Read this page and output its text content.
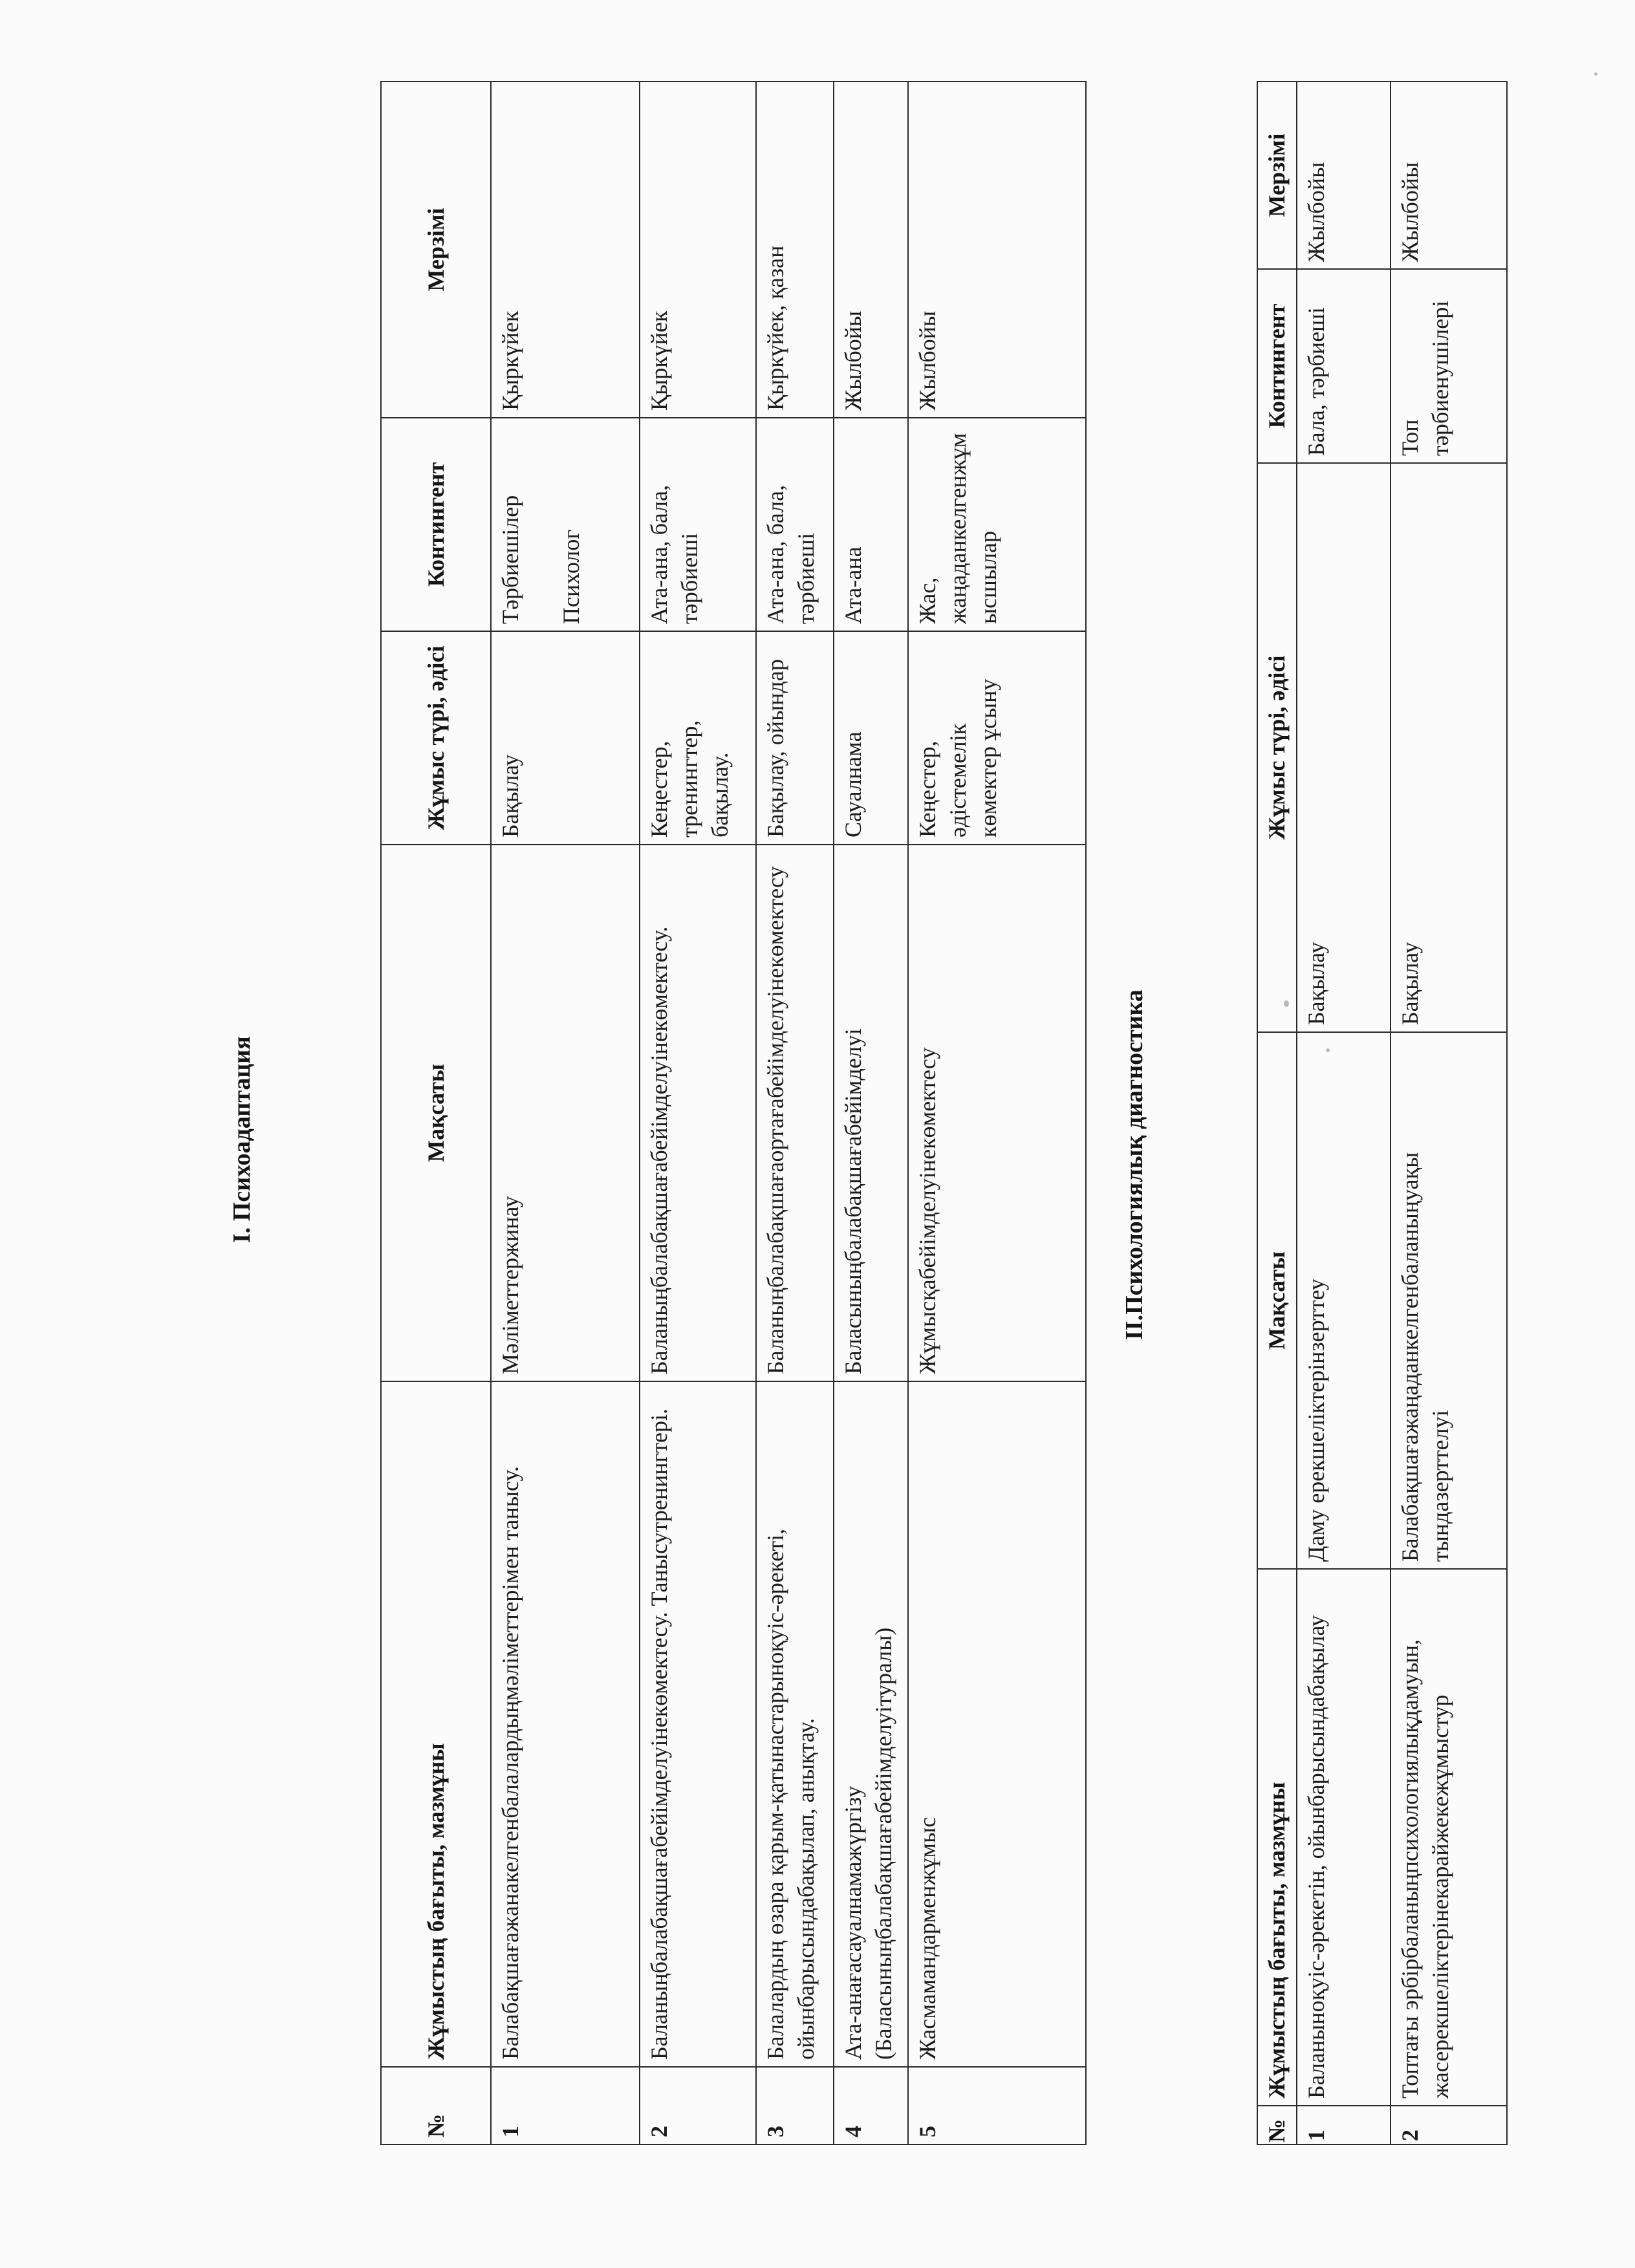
I. Психоадаптация
№	Жұмыстың бағыты, мазмұны	Мақсаты	Жұмыс түрі, әдісі	Контингент	Мерзімі
1	Балабақшағажанакелгенбалалардыңмәліметтерімен танысу.	Мәліметтержинау	Бақылау	Тәрбиешілер Психолог	Қыркүйек
2	Баланыңбалабақшағабейімделуінекөмектесу. Танысутренингтері.	Баланыңбалабақшағабейімделуінекөмектесу.	Кеңестер, тренингтер, бақылау.	Ата-ана, бала, тәрбиеші	Қыркүйек
3	Балалардың өзара қарым-қатынастарыноқуіс-әрекеті, ойынбарысындабақылап, анықтау.	Баланыңбалабақшағаортағабейімделуінекөмектесу	Бақылау, ойындар	Ата-ана, бала, тәрбиеші	Қыркүйек, қазан
4	Ата-анағасауалнамажүргізу (Баласыныңбалабақшағабейімделуітуралы)	Баласыныңбалабақшағабейімделуі	Сауалнама	Ата-ана	Жылбойы
5	Жасмамандарменжұмыс	Жұмысқабейімделуінекөмектесу	Кеңестер, әдістемелік көмектер ұсыну	Жас, жаңаданкелгенжұмысшылар	Жылбойы
ІІ.Психологиялық диагностика
№	Жұмыстың бағыты, мазмұны	Мақсаты	Жұмыс түрі, әдісі	Контингент	Мерзімі
1	Баланыноқуіс-әрекетін, ойынбарысындабақылау	Даму ерекшеліктерінзерттеу	Бақылау	Бала, тәрбиеші	Жылбойы
2	Топтағы эрбірбаланыңпсихологиялықдамуын, жасерекшеліктерінекарайжекежұмыстур	Балабақшағажаңаданкелгенбаланыңуақы тындазерттелуі	Бақылау	Топ тәрбиенушілері	Жылбойы
